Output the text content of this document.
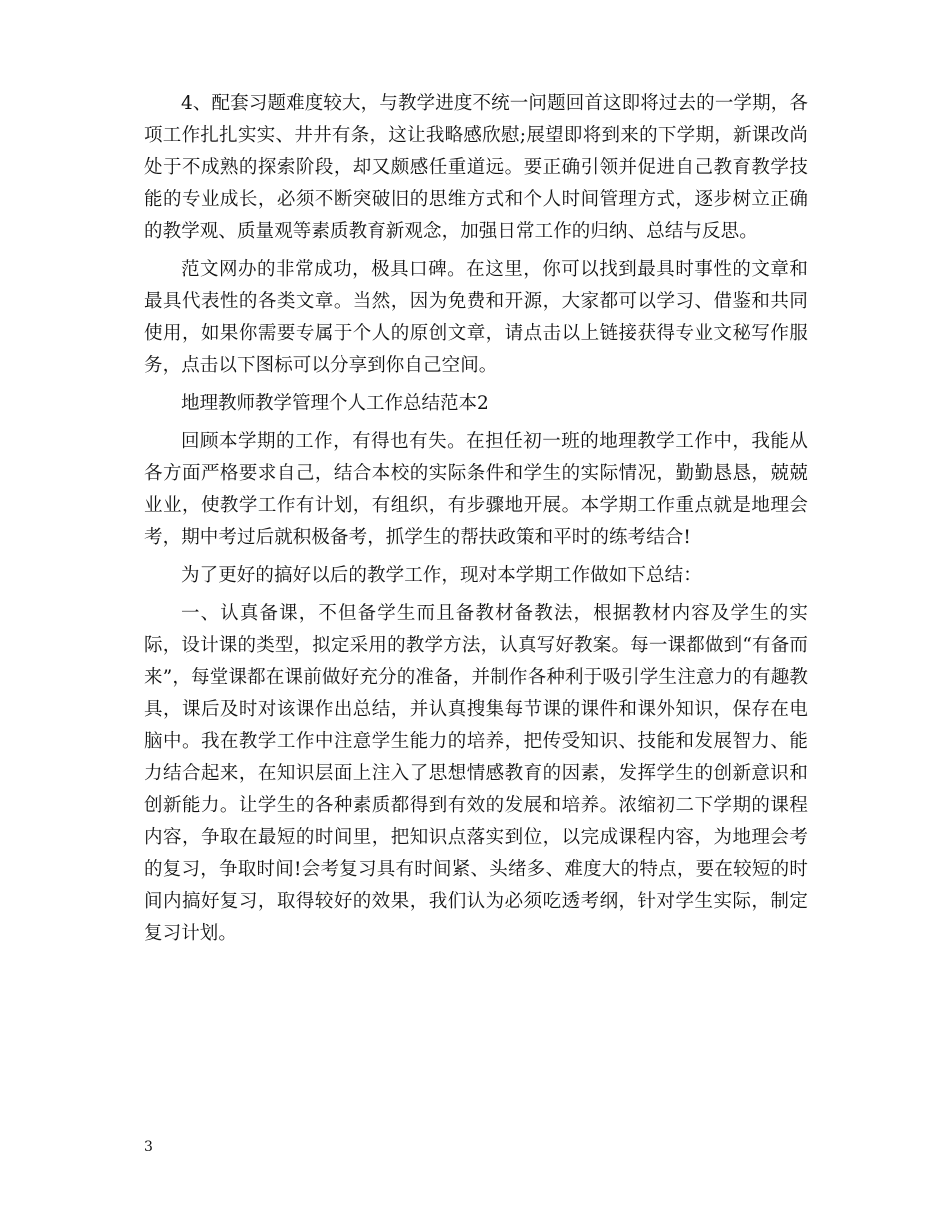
4、配套习题难度较大，与教学进度不统一问题回首这即将过去的一学期，各项工作扎扎实实、井井有条，这让我略感欣慰;展望即将到来的下学期，新课改尚处于不成熟的探索阶段，却又颇感任重道远。要正确引领并促进自己教育教学技能的专业成长，必须不断突破旧的思维方式和个人时间管理方式，逐步树立正确的教学观、质量观等素质教育新观念，加强日常工作的归纳、总结与反思。

范文网办的非常成功，极具口碑。在这里，你可以找到最具时事性的文章和最具代表性的各类文章。当然，因为免费和开源，大家都可以学习、借鉴和共同使用，如果你需要专属于个人的原创文章，请点击以上链接获得专业文秘写作服务，点击以下图标可以分享到你自己空间。

地理教师教学管理个人工作总结范本2

回顾本学期的工作，有得也有失。在担任初一班的地理教学工作中，我能从各方面严格要求自己，结合本校的实际条件和学生的实际情况，勤勤恳恳，兢兢业业，使教学工作有计划，有组织，有步骤地开展。本学期工作重点就是地理会考，期中考过后就积极备考，抓学生的帮扶政策和平时的练考结合!

为了更好的搞好以后的教学工作，现对本学期工作做如下总结：

一、认真备课，不但备学生而且备教材备教法，根据教材内容及学生的实际，设计课的类型，拟定采用的教学方法，认真写好教案。每一课都做到“有备而来”，每堂课都在课前做好充分的准备，并制作各种利于吸引学生注意力的有趣教具，课后及时对该课作出总结，并认真搜集每节课的课件和课外知识，保存在电脑中。我在教学工作中注意学生能力的培养，把传受知识、技能和发展智力、能力结合起来，在知识层面上注入了思想情感教育的因素，发挥学生的创新意识和创新能力。让学生的各种素质都得到有效的发展和培养。浓缩初二下学期的课程内容，争取在最短的时间里，把知识点落实到位，以完成课程内容，为地理会考的复习，争取时间!会考复习具有时间紧、头绪多、难度大的特点，要在较短的时间内搞好复习，取得较好的效果，我们认为必须吃透考纲，针对学生实际，制定复习计划。

3
